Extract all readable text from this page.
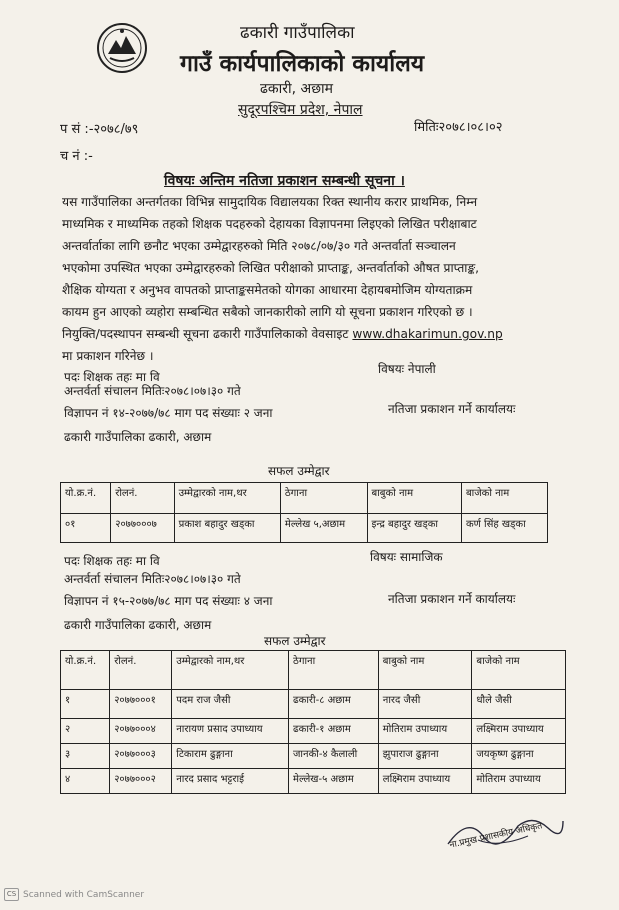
ढकारी गाउँपालिका
गाउँ कार्यपालिकाको कार्यालय
ढकारी, अछाम
सुदूरपश्चिम प्रदेश, नेपाल
प सं :-२०७८/७९	मितिः२०७८।०८।०२
च नं :-
विषयः अन्तिम नतिजा प्रकाशन सम्बन्धी सूचना ।
यस गाउँपालिका अन्तर्गतका विभिन्न सामुदायिक विद्यालयका रिक्त स्थानीय करार प्राथमिक, निम्न
माध्यमिक र माध्यमिक तहको शिक्षक पदहरुको देहायका विज्ञापनमा लिइएको लिखित परीक्षाबाट
अन्तर्वार्ताका लागि छनौट भएका उम्मेद्वारहरुको मिति २०७८/०७/३० गते अन्तर्वार्ता सञ्चालन
भएकोमा उपस्थित भएका उम्मेद्वारहरुको लिखित परीक्षाको प्राप्ताङ्क, अन्तर्वार्ताको औषत प्राप्ताङ्क,
शैक्षिक योग्यता र अनुभव वापतको प्राप्ताङ्कसमेतको योगका आधारमा देहायबमोजिम योग्यताक्रम
कायम हुन आएको व्यहोरा सम्बन्धित सबैको जानकारीको लागि यो सूचना प्रकाशन गरिएको छ ।
नियुक्ति/पदस्थापन सम्बन्धी सूचना ढकारी गाउँपालिकाको वेवसाइट www.dhakarimun.gov.np
मा प्रकाशन गरिनेछ ।
पदः शिक्षक तहः मा वि
विषयः नेपाली
अन्तर्वर्ता संचालन मितिः२०७८।०७।३० गते
विज्ञापन नं १४-२०७७/७८ माग पद संख्याः २ जना	नतिजा प्रकाशन गर्ने कार्यालयः
ढकारी गाउँपालिका ढकारी, अछाम
सफल उम्मेद्वार
यो.क्र.नं.	रोलनं.	उम्मेद्वारको नाम,थर	ठेगाना	बाबुको नाम	बाजेको नाम
०१	२०७७०००७	प्रकाश बहादुर खड्का	मेल्लेख ५,अछाम	इन्द्र बहादुर खड्का	कर्ण सिंह खड्का
पदः शिक्षक तहः मा वि	विषयः सामाजिक
अन्तर्वर्ता संचालन मितिः२०७८।०७।३० गते
विज्ञापन नं १५-२०७७/७८ माग पद संख्याः ४ जना	नतिजा प्रकाशन गर्ने कार्यालयः
ढकारी गाउँपालिका ढकारी, अछाम
सफल उम्मेद्वार
यो.क्र.नं.	रोलनं.	उम्मेद्वारको नाम,थर	ठेगाना	बाबुको नाम	बाजेको नाम
१	२०७७०००१	पदम राज जैसी	ढकारी-८ अछाम	नारद जैसी	धौले जैसी
२	२०७७०००४	नारायण प्रसाद उपाध्याय	ढकारी-१ अछाम	मोतिराम उपाध्याय	लक्ष्मिराम उपाध्याय
३	२०७७०००३	टिकाराम ढुङ्गाना	जानकी-४ कैलाली	झुपाराज ढुङ्गाना	जयकृष्ण ढुङ्गाना
४	२०७७०००२	नारद प्रसाद भट्टराई	मेल्लेख-५ अछाम	लक्ष्मिराम उपाध्याय	मोतिराम उपाध्याय
ना.प्रमुख प्रशासकीय अधिकृत
CS Scanned with CamScanner
